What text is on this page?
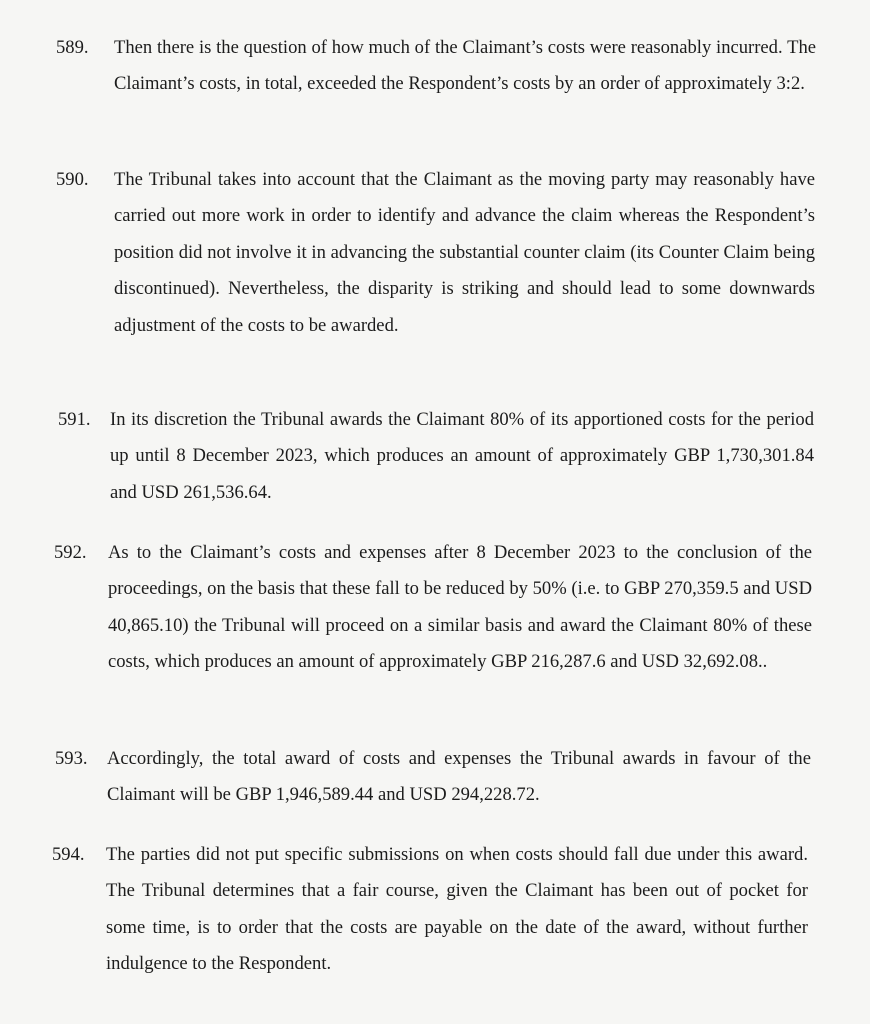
589. Then there is the question of how much of the Claimant’s costs were reasonably incurred. The Claimant’s costs, in total, exceeded the Respondent’s costs by an order of approximately 3:2.
590. The Tribunal takes into account that the Claimant as the moving party may reasonably have carried out more work in order to identify and advance the claim whereas the Respondent’s position did not involve it in advancing the substantial counter claim (its Counter Claim being discontinued). Nevertheless, the disparity is striking and should lead to some downwards adjustment of the costs to be awarded.
591. In its discretion the Tribunal awards the Claimant 80% of its apportioned costs for the period up until 8 December 2023, which produces an amount of approximately GBP 1,730,301.84 and USD 261,536.64.
592. As to the Claimant’s costs and expenses after 8 December 2023 to the conclusion of the proceedings, on the basis that these fall to be reduced by 50% (i.e. to GBP 270,359.5 and USD 40,865.10) the Tribunal will proceed on a similar basis and award the Claimant 80% of these costs, which produces an amount of approximately GBP 216,287.6 and USD 32,692.08..
593. Accordingly, the total award of costs and expenses the Tribunal awards in favour of the Claimant will be GBP 1,946,589.44 and USD 294,228.72.
594. The parties did not put specific submissions on when costs should fall due under this award. The Tribunal determines that a fair course, given the Claimant has been out of pocket for some time, is to order that the costs are payable on the date of the award, without further indulgence to the Respondent.
